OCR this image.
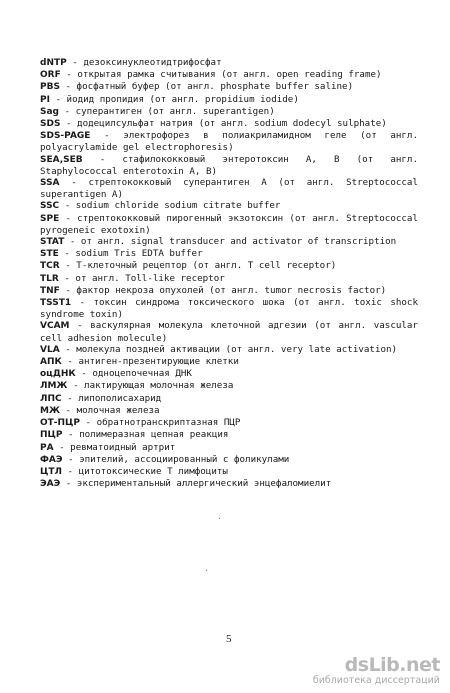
dNTP - дезоксинуклеотидтрифосфат
ORF - открытая рамка считывания (от англ. open reading frame)
PBS - фосфатный буфер (от англ. phosphate buffer saline)
PI - йодид пропидия (от англ. propidium iodide)
Sag - суперантиген (от англ. superantigen)
SDS - додецилсульфат натрия (от англ. sodium dodecyl sulphate)
SDS-PAGE - электрофорез в полиакриламидном геле (от англ. polyacrylamide gel electrophoresis)
SEA,SEB - стафилококковый энтеротоксин А, В (от англ. Staphylococcal enterotoxin A, B)
SSA - стрептококковый суперантиген А (от англ. Streptococcal superantigen A)
SSC - sodium chloride sodium citrate buffer
SPE - стрептококковый пирогенный экзотоксин (от англ. Streptococcal pyrogeneic exotoxin)
STAT - от англ. signal transducer and activator of transcription
STE - sodium Tris EDTA buffer
TCR - Т-клеточный рецептор (от англ. T cell receptor)
TLR - от англ. Toll-like receptor
TNF - фактор некроза опухолей (от англ. tumor necrosis factor)
TSST1 - токсин синдрома токсического шока (от англ. toxic shock syndrome toxin)
VCAM - васкулярная молекула клеточной адгезии (от англ. vascular cell adhesion molecule)
VLA - молекула поздней активации (от англ. very late activation)
АПК - антиген-презентирующие клетки
оцДНК - одноцепочечная ДНК
ЛМЖ - лактирующая молочная железа
ЛПС - липополисахарид
МЖ - молочная железа
ОТ-ПЦР - обратнотранскриптазная ПЦР
ПЦР - полимеразная цепная реакция
РА - ревматоидный артрит
ФАЭ - эпителий, ассоциированный с фоликулами
ЦТЛ - цитотоксические Т лимфоциты
ЭАЭ - экспериментальный аллергический энцефаломиелит
·
·
5
dsLib.net
библиотека диссертаций
